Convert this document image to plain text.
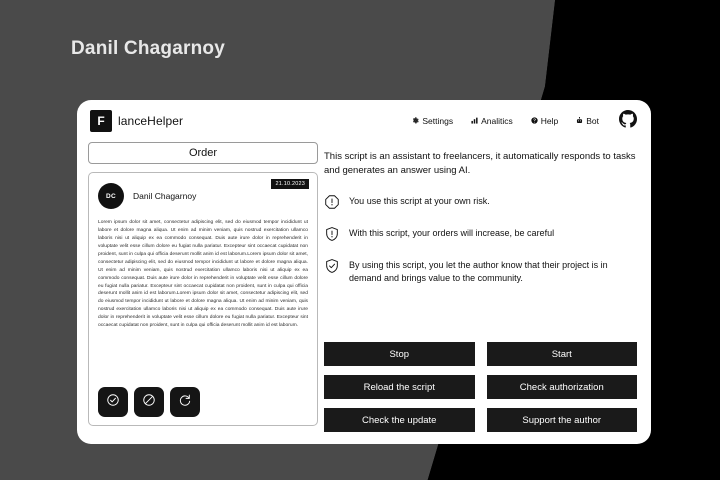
Danil Chagarnoy
F	lanceHelper	Settings	Analitics	Help	Bot
Order
21.10.2023
DC	Danil Chagarnoy
Lorem ipsum dolor sit amet, consectetur adipiscing elit, sed do eiusmod tempor incididunt ut labore et dolore magna aliqua. Ut enim ad minim veniam, quis nostrud exercitation ullamco laboris nisi ut aliquip ex ea commodo consequat. Duis aute irure dolor in reprehenderit in voluptate velit esse cillum dolore eu fugiat nulla pariatur. Excepteur sint occaecat cupidatat non proident, sunt in culpa qui officia deserunt mollit anim id est laborum.Lorem ipsum dolor sit amet, consectetur adipiscing elit, sed do eiusmod tempor incididunt ut labore et dolore magna aliqua. Ut enim ad minim veniam, quis nostrud exercitation ullamco laboris nisi ut aliquip ex ea commodo consequat. Duis aute irure dolor in reprehenderit in voluptate velit esse cillum dolore eu fugiat nulla pariatur. Excepteur sint occaecat cupidatat non proident, sunt in culpa qui officia deserunt mollit anim id est laborum.Lorem ipsum dolor sit amet, consectetur adipiscing elit, sed do eiusmod tempor incididunt ut labore et dolore magna aliqua. Ut enim ad minim veniam, quis nostrud exercitation ullamco laboris nisi ut aliquip ex ea commodo consequat. Duis aute irure dolor in reprehenderit in voluptate velit esse cillum dolore eu fugiat nulla pariatur. Excepteur sint occaecat cupidatat non proident, sunt in culpa qui officia deserunt mollit anim id est laborum.
This script is an assistant to freelancers, it automatically responds to tasks and generates an answer using AI.
You use this script at your own risk.
With this script, your orders will increase, be careful
By using this script, you let the author know that their project is in demand and brings value to the community.
Stop	Start
Reload the script	Check authorization
Check the update	Support the author
